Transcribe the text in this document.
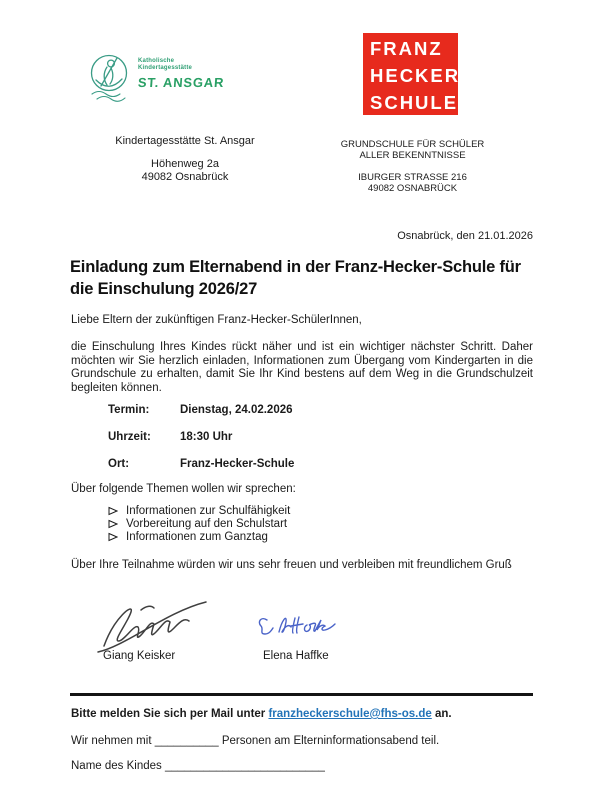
Katholische
Kindertagesstätte
ST. ANSGAR
FRANZ
HECKER
SCHULE
Kindertagesstätte St. Ansgar
Höhenweg 2a
49082 Osnabrück
GRUNDSCHULE FÜR SCHÜLER
ALLER BEKENNTNISSE
IBURGER STRASSE 216
49082 OSNABRÜCK
Osnabrück, den 21.01.2026
Einladung zum Elternabend in der Franz-Hecker-Schule für die Einschulung 2026/27
Liebe Eltern der zukünftigen Franz-Hecker-SchülerInnen,
die Einschulung Ihres Kindes rückt näher und ist ein wichtiger nächster Schritt. Daher möchten wir Sie herzlich einladen, Informationen zum Übergang vom Kindergarten in die Grundschule zu erhalten, damit Sie Ihr Kind bestens auf dem Weg in die Grundschulzeit begleiten können.
Termin:	Dienstag, 24.02.2026
Uhrzeit:	18:30 Uhr
Ort:	Franz-Hecker-Schule
Über folgende Themen wollen wir sprechen:
Informationen zur Schulfähigkeit
Vorbereitung auf den Schulstart
Informationen zum Ganztag
Über Ihre Teilnahme würden wir uns sehr freuen und verbleiben mit freundlichem Gruß
Giang Keisker	Elena Haffke
Bitte melden Sie sich per Mail unter franzheckerschule@fhs-os.de an.
Wir nehmen mit __________ Personen am Elterninformationsabend teil.
Name des Kindes _________________________
